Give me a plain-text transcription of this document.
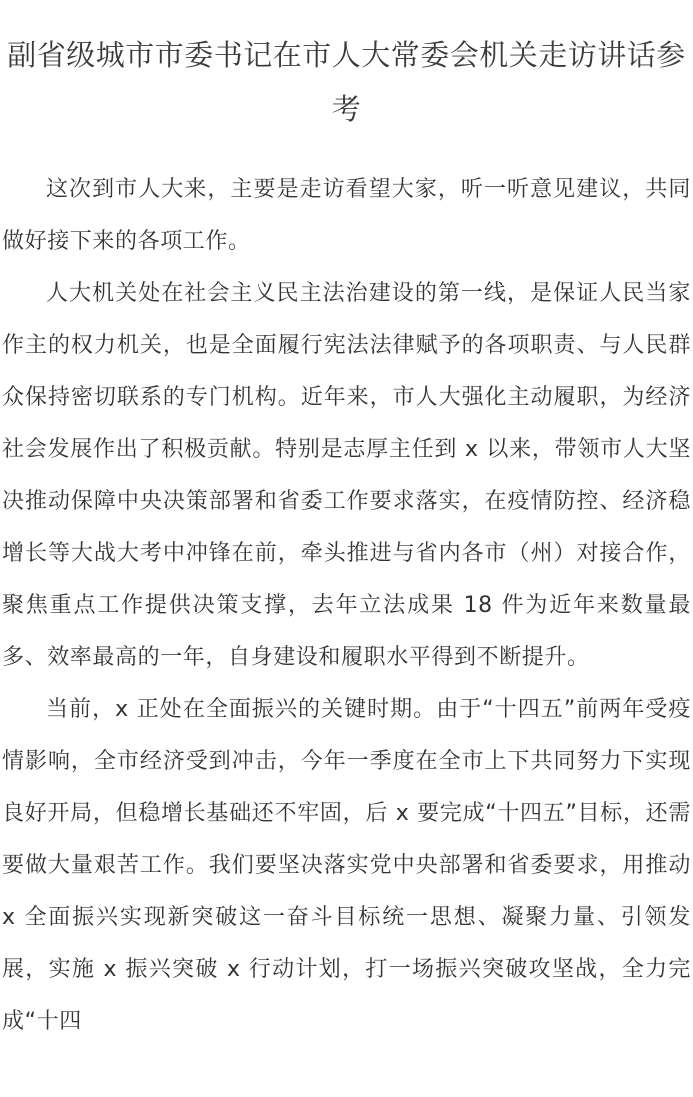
副省级城市市委书记在市人大常委会机关走访讲话参考

这次到市人大来，主要是走访看望大家，听一听意见建议，共同做好接下来的各项工作。

人大机关处在社会主义民主法治建设的第一线，是保证人民当家作主的权力机关，也是全面履行宪法法律赋予的各项职责、与人民群众保持密切联系的专门机构。近年来，市人大强化主动履职，为经济社会发展作出了积极贡献。特别是志厚主任到 x 以来，带领市人大坚决推动保障中央决策部署和省委工作要求落实，在疫情防控、经济稳增长等大战大考中冲锋在前，牵头推进与省内各市（州）对接合作，聚焦重点工作提供决策支撑，去年立法成果 18 件为近年来数量最多、效率最高的一年，自身建设和履职水平得到不断提升。

当前，x 正处在全面振兴的关键时期。由于“十四五”前两年受疫情影响，全市经济受到冲击，今年一季度在全市上下共同努力下实现良好开局，但稳增长基础还不牢固，后 x 要完成“十四五”目标，还需要做大量艰苦工作。我们要坚决落实党中央部署和省委要求，用推动 x 全面振兴实现新突破这一奋斗目标统一思想、凝聚力量、引领发展，实施 x 振兴突破 x 行动计划，打一场振兴突破攻坚战，全力完成“十四
